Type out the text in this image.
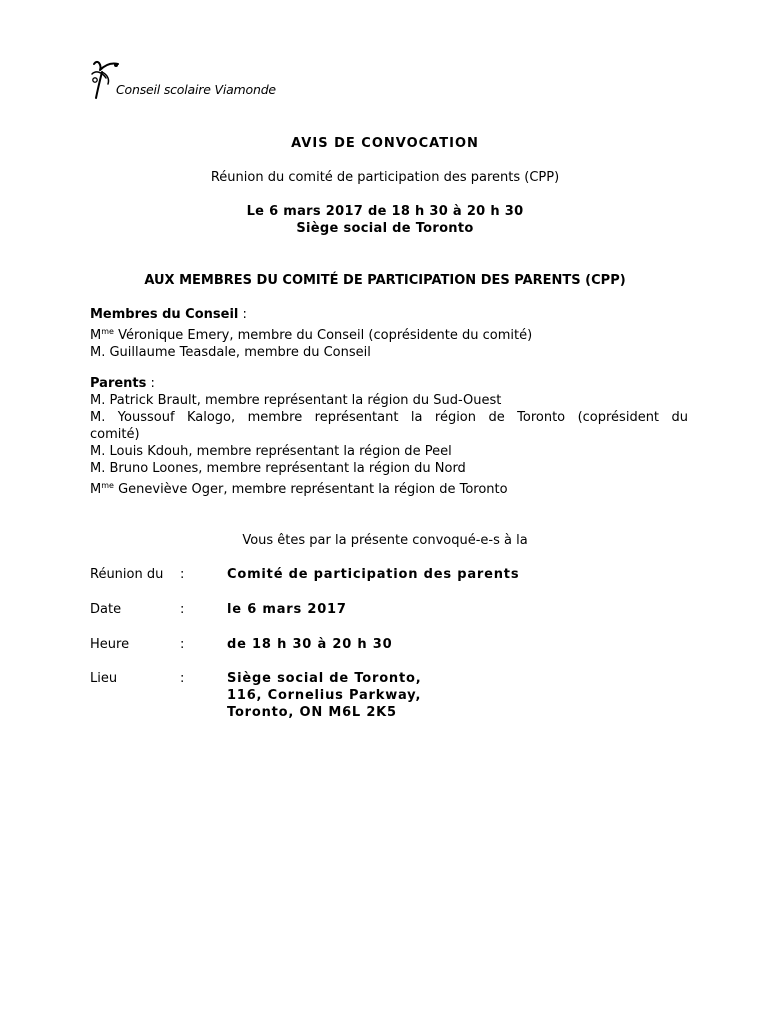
Conseil scolaire Viamonde
AVIS DE CONVOCATION
Réunion du comité de participation des parents (CPP)
Le 6 mars 2017 de 18 h 30 à 20 h 30
Siège social de Toronto
AUX MEMBRES DU COMITÉ DE PARTICIPATION DES PARENTS (CPP)
Membres du Conseil :
$M^{me}$ Véronique Emery, membre du Conseil (coprésidente du comité)
M. Guillaume Teasdale, membre du Conseil
Parents :
M. Patrick Brault, membre représentant la région du Sud-Ouest
M. Youssouf Kalogo, membre représentant la région de Toronto (coprésident du
comité)
M. Louis Kdouh, membre représentant la région de Peel
M. Bruno Loones, membre représentant la région du Nord
$M^{me}$ Geneviève Oger, membre représentant la région de Toronto
Vous êtes par la présente convoqué-e-s à la
Réunion du :	Comité de participation des parents
Date	:	le 6 mars 2017
Heure	:	de 18 h 30 à 20 h 30
Lieu	:	Siège social de Toronto,
116, Cornelius Parkway,
Toronto, ON M6L 2K5
